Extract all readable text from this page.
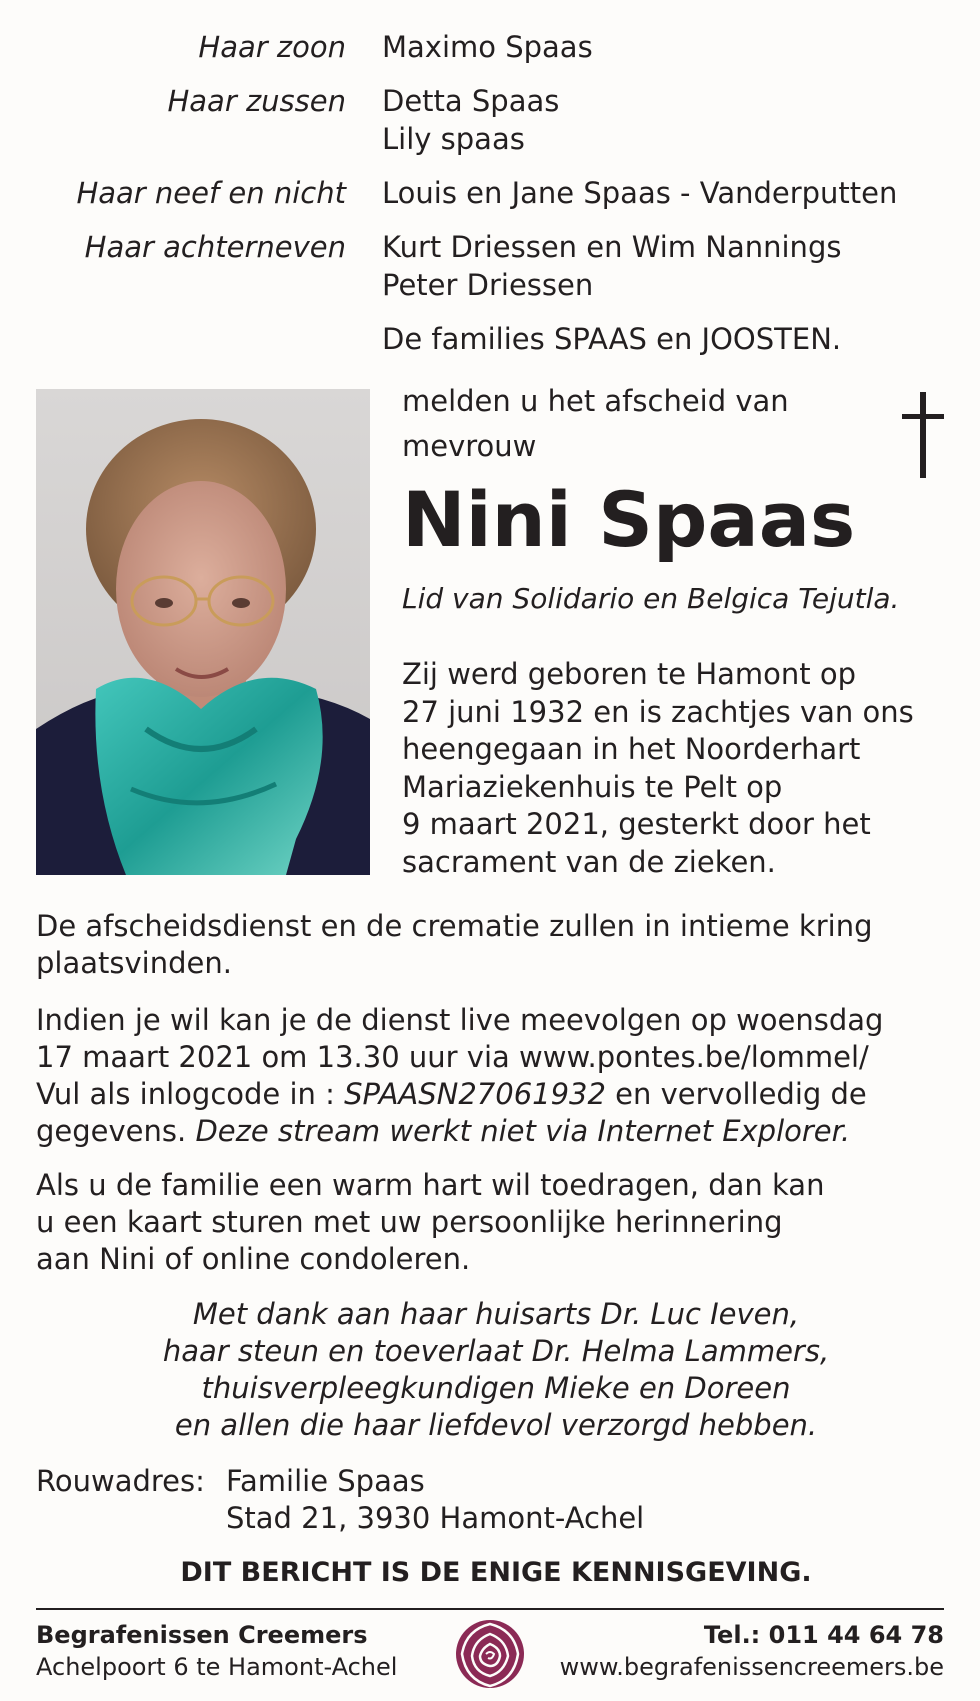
Haar zoon Maximo Spaas
Haar zussen Detta Spaas
Lily spaas
Haar neef en nicht Louis en Jane Spaas - Vanderputten
Haar achterneven Kurt Driessen en Wim Nannings
Peter Driessen
De families SPAAS en JOOSTEN.
melden u het afscheid van
mevrouw
Nini Spaas
Lid van Solidario en Belgica Tejutla.
Zij werd geboren te Hamont op
27 juni 1932 en is zachtjes van ons
heengegaan in het Noorderhart
Mariaziekenhuis te Pelt op
9 maart 2021, gesterkt door het
sacrament van de zieken.
De afscheidsdienst en de crematie zullen in intieme kring
plaatsvinden.
Indien je wil kan je de dienst live meevolgen op woensdag
17 maart 2021 om 13.30 uur via www.pontes.be/lommel/
Vul als inlogcode in : SPAASN27061932 en vervolledig de
gegevens. Deze stream werkt niet via Internet Explorer.
Als u de familie een warm hart wil toedragen, dan kan
u een kaart sturen met uw persoonlijke herinnering
aan Nini of online condoleren.
Met dank aan haar huisarts Dr. Luc Ieven,
haar steun en toeverlaat Dr. Helma Lammers,
thuisverpleegkundigen Mieke en Doreen
en allen die haar liefdevol verzorgd hebben.
Rouwadres: Familie Spaas
Stad 21, 3930 Hamont-Achel
DIT BERICHT IS DE ENIGE KENNISGEVING.
Begrafenissen Creemers
Achelpoort 6 te Hamont-Achel
Tel.: 011 44 64 78
www.begrafenissencreemers.be
